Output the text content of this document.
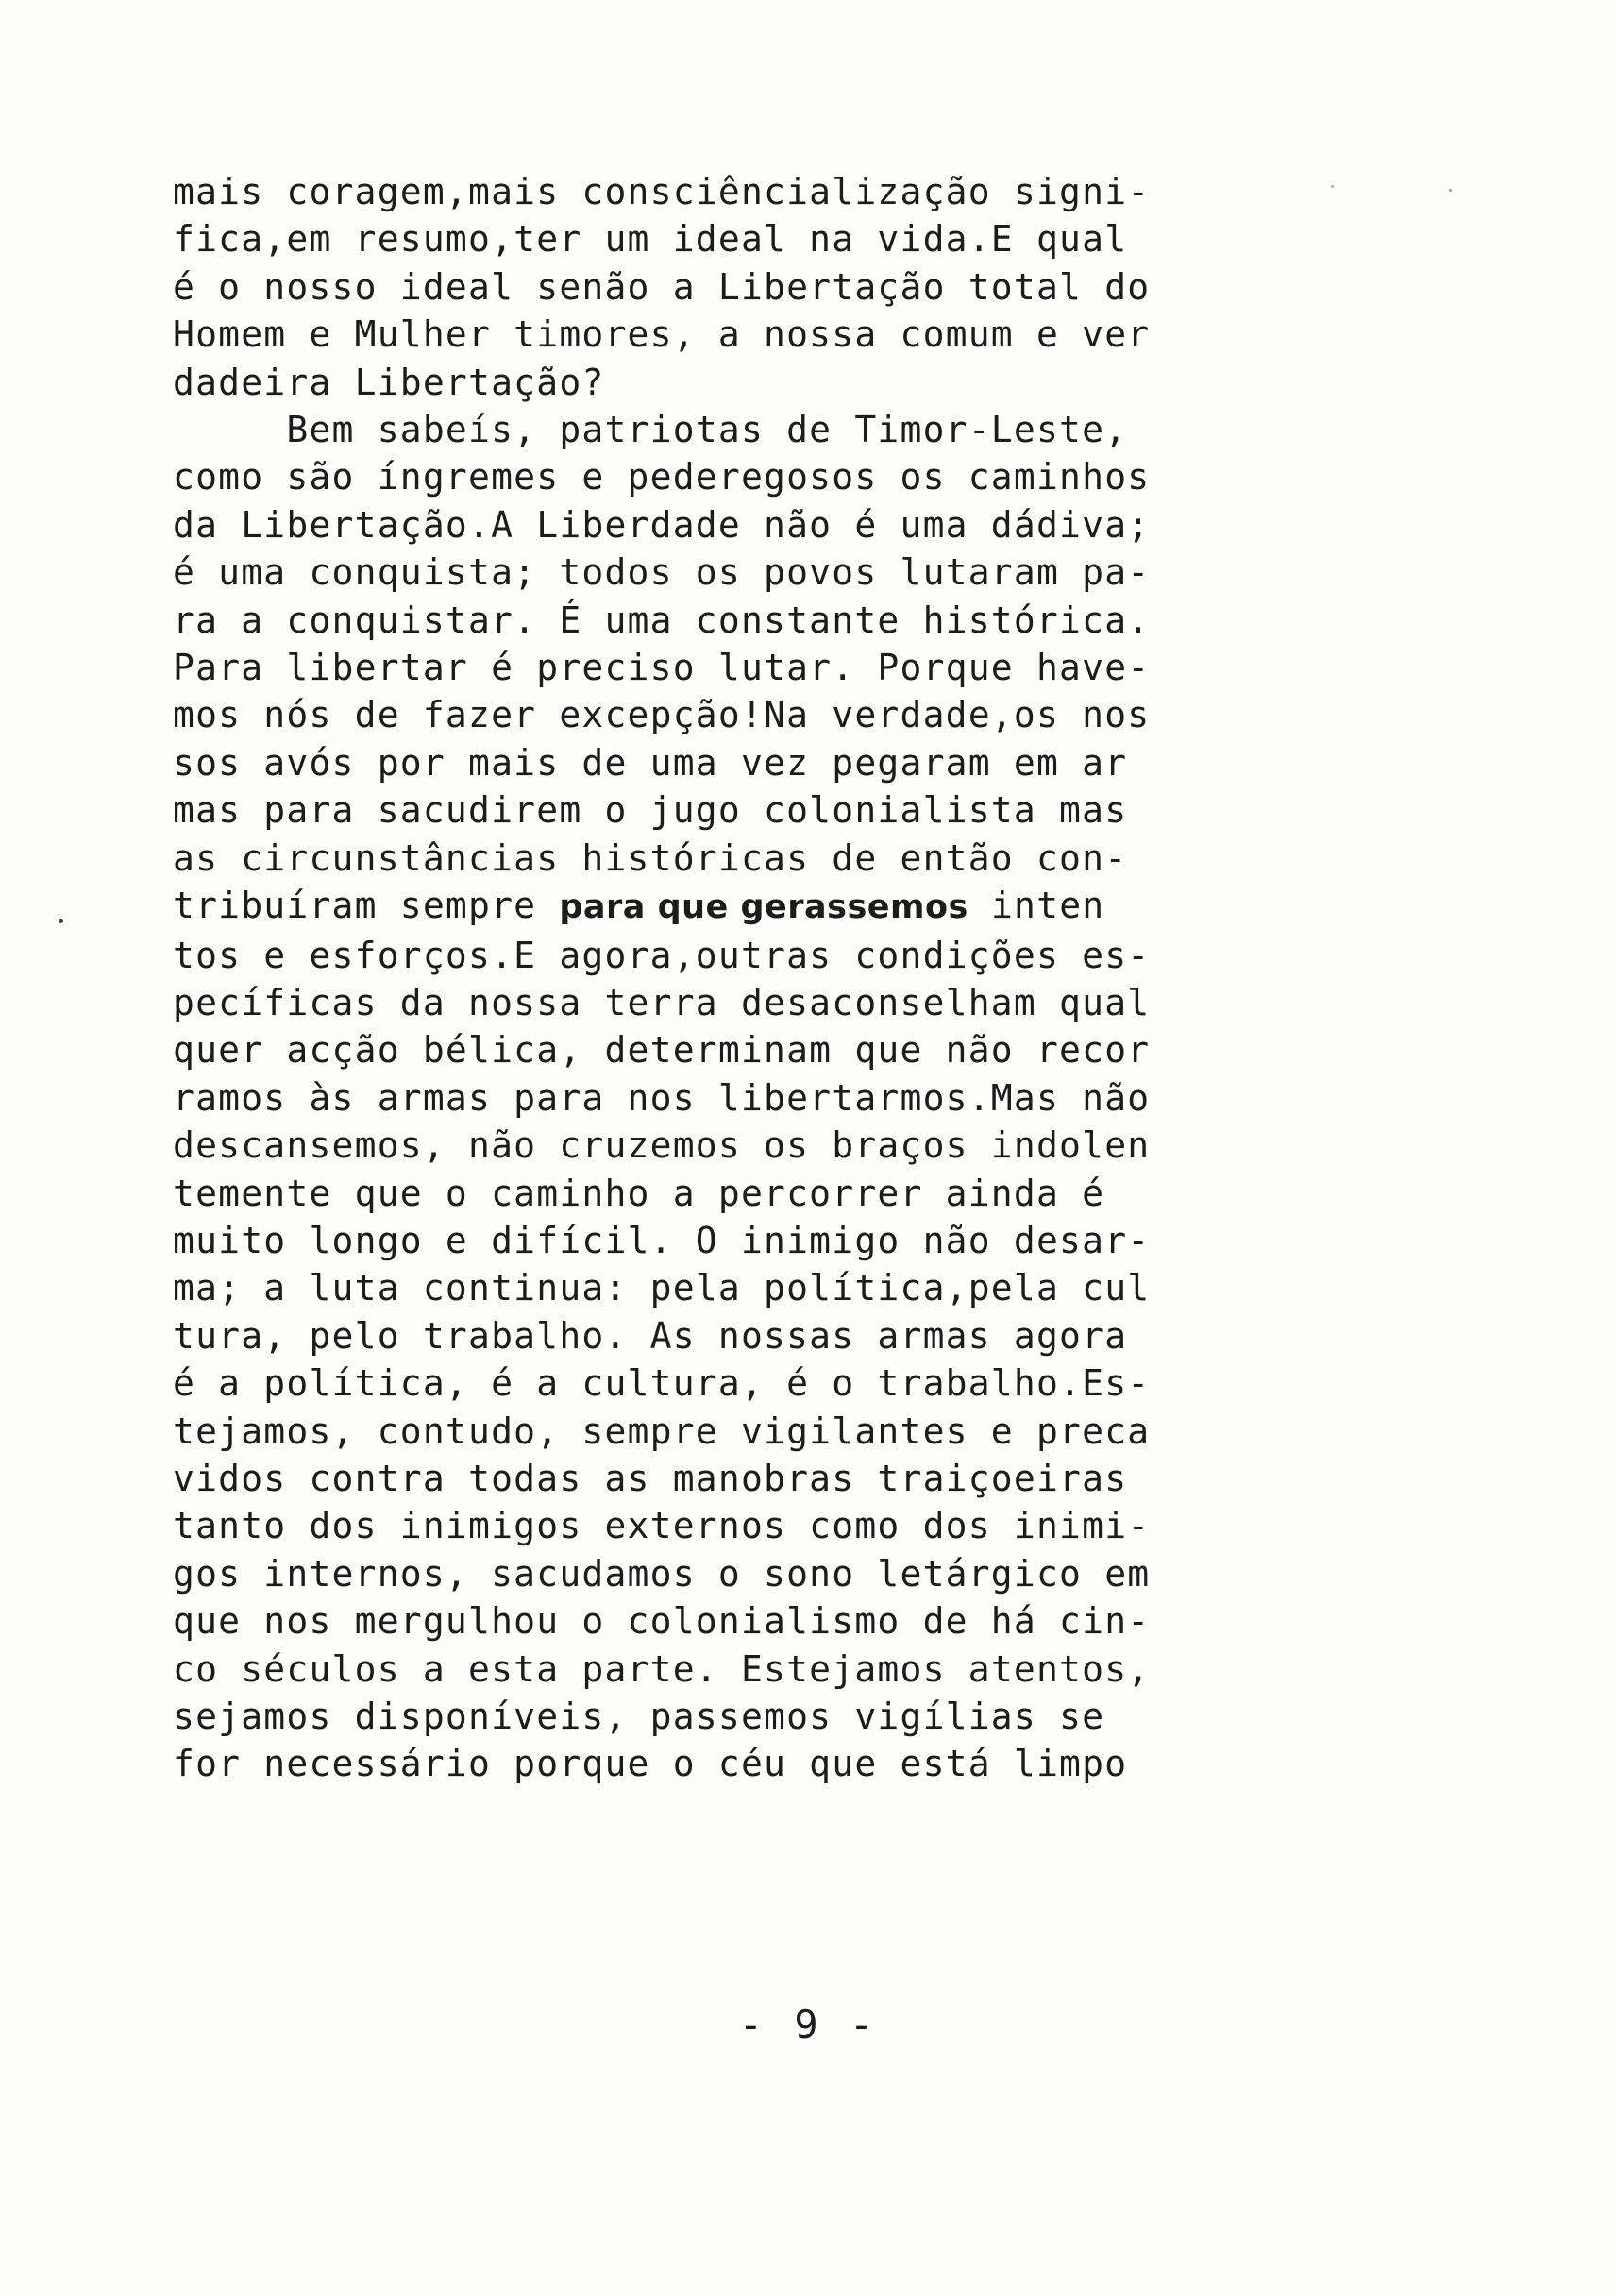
mais coragem,mais consciêncialização signi-
fica,em resumo,ter um ideal na vida.E qual
é o nosso ideal senão a Libertação total do
Homem e Mulher timores, a nossa comum e ver
dadeira Libertação?
Bem sabeís, patriotas de Timor-Leste,
como são íngremes e pederegosos os caminhos
da Libertação.A Liberdade não é uma dádiva;
é uma conquista; todos os povos lutaram pa-
ra a conquistar. É uma constante histórica.
Para libertar é preciso lutar. Porque have-
mos nós de fazer excepção!Na verdade,os nos
sos avós por mais de uma vez pegaram em ar
mas para sacudirem o jugo colonialista mas
as circunstâncias históricas de então con-
tribuíram sempre para que gerassemos inten
tos e esforços.E agora,outras condições es-
pecíficas da nossa terra desaconselham qual
quer acção bélica, determinam que não recor
ramos às armas para nos libertarmos.Mas não
descansemos, não cruzemos os braços indolen
temente que o caminho a percorrer ainda é
muito longo e difícil. O inimigo não desar-
ma; a luta continua: pela política,pela cul
tura, pelo trabalho. As nossas armas agora
é a política, é a cultura, é o trabalho.Es-
tejamos, contudo, sempre vigilantes e preca
vidos contra todas as manobras traiçoeiras
tanto dos inimigos externos como dos inimi-
gos internos, sacudamos o sono letárgico em
que nos mergulhou o colonialismo de há cin-
co séculos a esta parte. Estejamos atentos,
sejamos disponíveis, passemos vigílias se
for necessário porque o céu que está limpo
- 9 -
